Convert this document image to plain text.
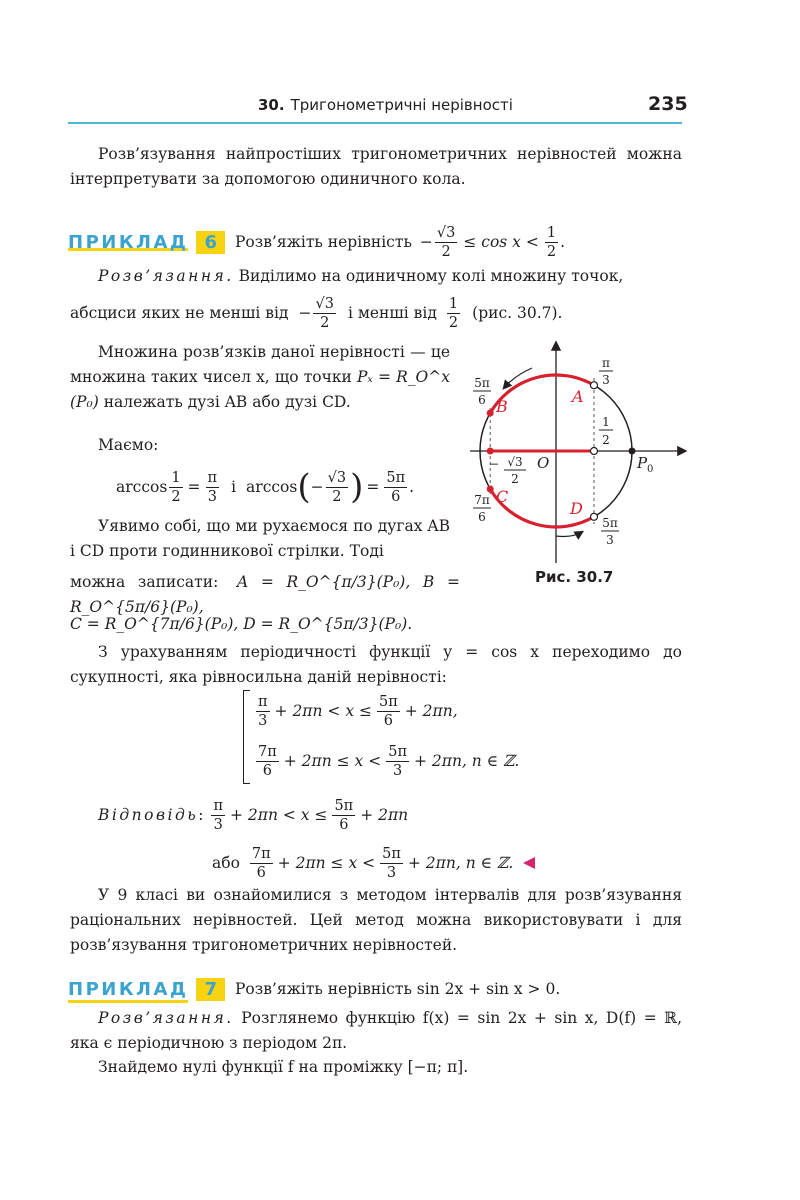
30. Тригонометричні нерівності	235
Розв’язування найпростіших тригонометричних нерівностей можна інтерпретувати за допомогою одиничного кола.
ПРИКЛАД 6	Розв’яжіть нерівність − $\frac{√3}{2} \le \cos x < \frac{1}{2}$ .
Розв’язання. Виділимо на одиничному колі множину точок,
абсциси яких не менші від − $\frac{√3}{2}$ і менші від $\frac{1}{2} (рис$. 30.7).
Множина розв’язків даної нерівності — це множина таких чисел x, що точки Pₓ = R_O^x (P₀) належать дузі AB або дузі CD.
Маємо:
$\arccos \frac{1}{2} = \frac{\pi}{3}$ і arccos ( − $\frac{√3}{2}$ ) = $\frac{5\pi}{6}$ .
Уявимо собі, що ми рухаємося по дугах AB і CD проти годинникової стрілки. Тоді
можна записати: A = R_O^{π/3}(P₀), B = R_O^{5π/6}(P₀),
C = R_O^{7π/6}(P₀), D = R_O^{5π/3}(P₀).
A
B
C
D
O	P 0
π
3
5π
6
7π
6	5π
3
1
2
− √3
2
Рис. 30.7
З урахуванням періодичності функції y = cos x переходимо до сукупності, яка рівносильна даній нерівності:
$\frac{\pi}{3} + 2\pi n < x \le \frac{5\pi}{6} + 2\pi n$,
$\frac{7\pi}{6} + 2\pi n \le x < \frac{5\pi}{3} + 2\pi n$, n ∈ ℤ.
Відповідь : $\frac{\pi}{3} + 2\pi n < x \le \frac{5\pi}{6} + 2\pi n$
або $\frac{7\pi}{6} + 2\pi n \le x < \frac{5\pi}{3} + 2\pi n$, n ∈ ℤ.
У 9 класі ви ознайомилися з методом інтервалів для розв’язування раціональних нерівностей. Цей метод можна використовувати і для розв’язування тригонометричних нерівностей.
ПРИКЛАД 7	Розв’яжіть нерівність sin 2x + sin x > 0.
Розв’язання. Розглянемо функцію f(x) = sin 2x + sin x, D(f) = ℝ, яка є періодичною з періодом 2π.
Знайдемо нулі функції f на проміжку [−π; π].
